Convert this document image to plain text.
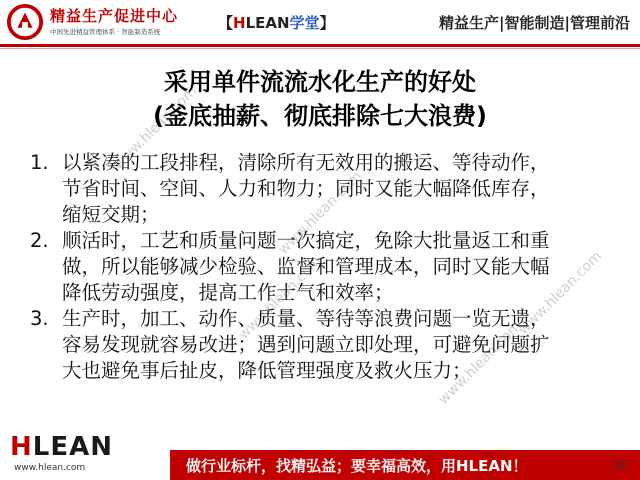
www.hlean.com
www.hlean.com
www.hlean.com	www.hlean.com
www.hlean.com
精益生产促进中心
中国先进精益管理体系 · 智能制造系统	【HLEAN学堂】	精益生产|智能制造|管理前沿
采用单件流流水化生产的好处
(釜底抽薪、彻底排除七大浪费)
1. 以紧凑的工段排程，清除所有无效用的搬运、等待动作，
节省时间、空间、人力和物力；同时又能大幅降低库存，
缩短交期；
2. 顺活时，工艺和质量问题一次搞定，免除大批量返工和重
做，所以能够减少检验、监督和管理成本，同时又能大幅
降低劳动强度，提高工作士气和效率；
3. 生产时，加工、动作、质量、等待等浪费问题一览无遗，
容易发现就容易改进；遇到问题立即处理，可避免问题扩
大也避免事后扯皮，降低管理强度及救火压力；
HLEAN
www.hlean.com	做行业标杆，找精弘益；要幸福高效，用HLEAN！	28
